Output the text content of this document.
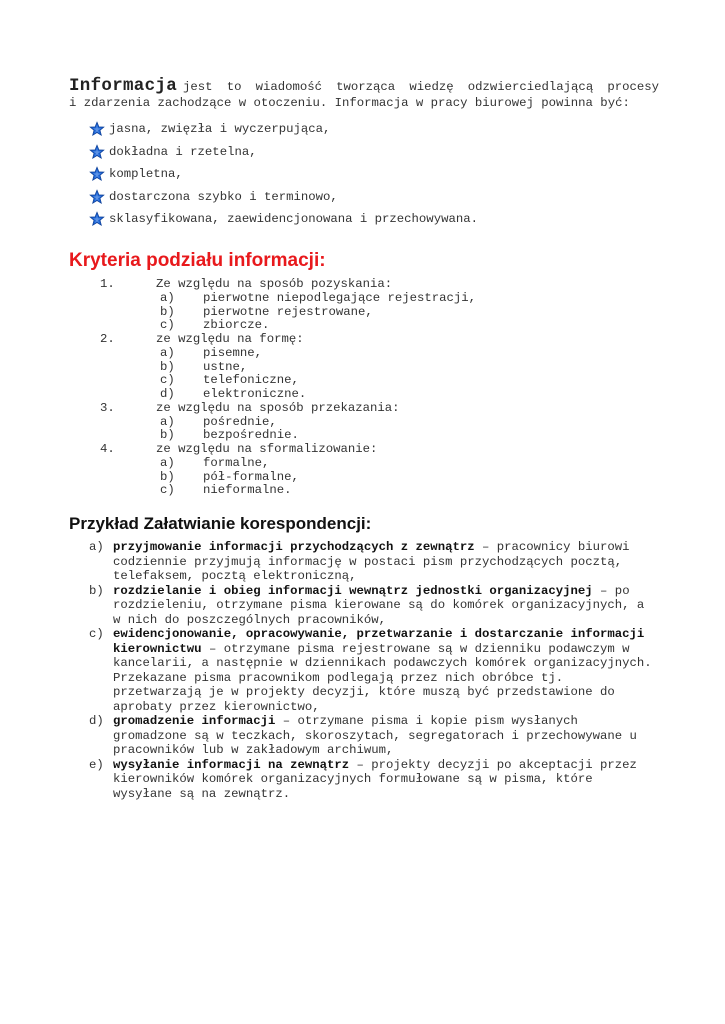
Informacja jest to wiadomość tworząca wiedzę odzwierciedlającą procesy
i zdarzenia zachodzące w otoczeniu. Informacja w pracy biurowej powinna być:
jasna, zwięzła i wyczerpująca,
dokładna i rzetelna,
kompletna,
dostarczona szybko i terminowo,
sklasyfikowana, zaewidencjonowana i przechowywana.
Kryteria podziału informacji:
1.	Ze względu na sposób pozyskania:
a) pierwotne niepodlegające rejestracji,
b) pierwotne rejestrowane,
c) zbiorcze.
2.	ze względu na formę:
a) pisemne,
b) ustne,
c) telefoniczne,
d) elektroniczne.
3.	ze względu na sposób przekazania:
a) pośrednie,
b) bezpośrednie.
4.	ze względu na sformalizowanie:
a) formalne,
b) pół-formalne,
c) nieformalne.
Przykład Załatwianie korespondencji:
a) przyjmowanie informacji przychodzących z zewnątrz – pracownicy biurowi codziennie przyjmują informację w postaci pism przychodzących pocztą, telefaksem, pocztą elektroniczną,
b) rozdzielanie i obieg informacji wewnątrz jednostki organizacyjnej – po rozdzieleniu, otrzymane pisma kierowane są do komórek organizacyjnych, a w nich do poszczególnych pracowników,
c) ewidencjonowanie, opracowywanie, przetwarzanie i dostarczanie informacji kierownictwu – otrzymane pisma rejestrowane są w dzienniku podawczym w kancelarii, a następnie w dziennikach podawczych komórek organizacyjnych. Przekazane pisma pracownikom podlegają przez nich obróbce tj. przetwarzają je w projekty decyzji, które muszą być przedstawione do aprobaty przez kierownictwo,
d) gromadzenie informacji – otrzymane pisma i kopie pism wysłanych gromadzone są w teczkach, skoroszytach, segregatorach i przechowywane u pracowników lub w zakładowym archiwum,
e) wysyłanie informacji na zewnątrz – projekty decyzji po akceptacji przez kierowników komórek organizacyjnych formułowane są w pisma, które wysyłane są na zewnątrz.
